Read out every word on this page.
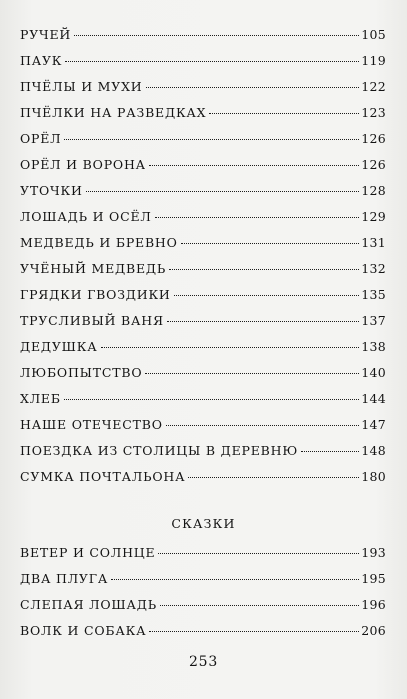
РУЧЕЙ	105
ПАУК	119
ПЧЁЛЫ И МУХИ	122
ПЧЁЛКИ НА РАЗВЕДКАХ	123
ОРЁЛ	126
ОРЁЛ И ВОРОНА	126
УТОЧКИ	128
ЛОШАДЬ И ОСЁЛ	129
МЕДВЕДЬ И БРЕВНО	131
УЧЁНЫЙ МЕДВЕДЬ	132
ГРЯДКИ ГВОЗДИКИ	135
ТРУСЛИВЫЙ ВАНЯ	137
ДЕДУШКА	138
ЛЮБОПЫТСТВО	140
ХЛЕБ	144
НАШЕ ОТЕЧЕСТВО	147
ПОЕЗДКА ИЗ СТОЛИЦЫ В ДЕРЕВНЮ	148
СУМКА ПОЧТАЛЬОНА	180
СКАЗКИ
ВЕТЕР И СОЛНЦЕ	193
ДВА ПЛУГА	195
СЛЕПАЯ ЛОШАДЬ	196
ВОЛК И СОБАКА	206
253
